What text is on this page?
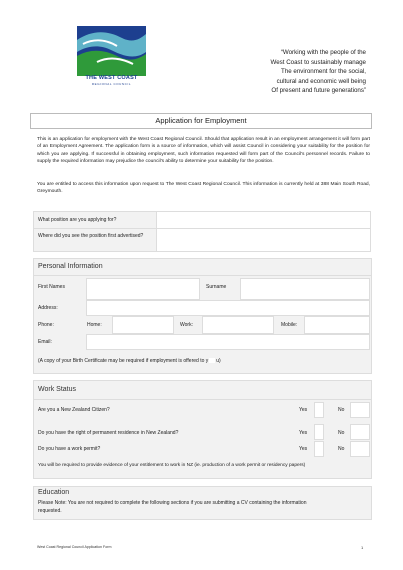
THE WEST COAST
REGIONAL COUNCIL
“Working with the people of the
West Coast to sustainably manage
The environment for the social,
cultural and economic well being
Of present and future generations”
Application for Employment
This is an application for employment with the West Coast Regional Council. Should that application result in an employment arrangement it will form part of an Employment Agreement. The application form is a source of information, which will assist Council in considering your suitability for the position for which you are applying. If successful in obtaining employment, such information requested will form part of the Council's personnel records. Failure to supply the required information may prejudice the council's ability to determine your suitability for the position.
You are entitled to access this information upon request to The West Coast Regional Council. This information is currently held at 388 Main South Road, Greymouth.
What position are you applying for?
Where did you see the position first advertised?
Personal Information
First Names	Surname
Address:
Phone:	Home:	Work:	Mobile:
Email:
(A copy of your Birth Certificate may be required if employment is offered to y u)
Work Status
Are you a New Zealand Citizen?	Yes	No
Do you have the right of permanent residence in New Zealand?	Yes	No
Do you have a work permit?	Yes	No
You will be required to provide evidence of your entitlement to work in NZ (ie. production of a work permit or residency papers)
Education
Please Note: You are not required to complete the following sections if you are submitting a CV containing the information
requested.
West Coast Regional Council Application Form	1
